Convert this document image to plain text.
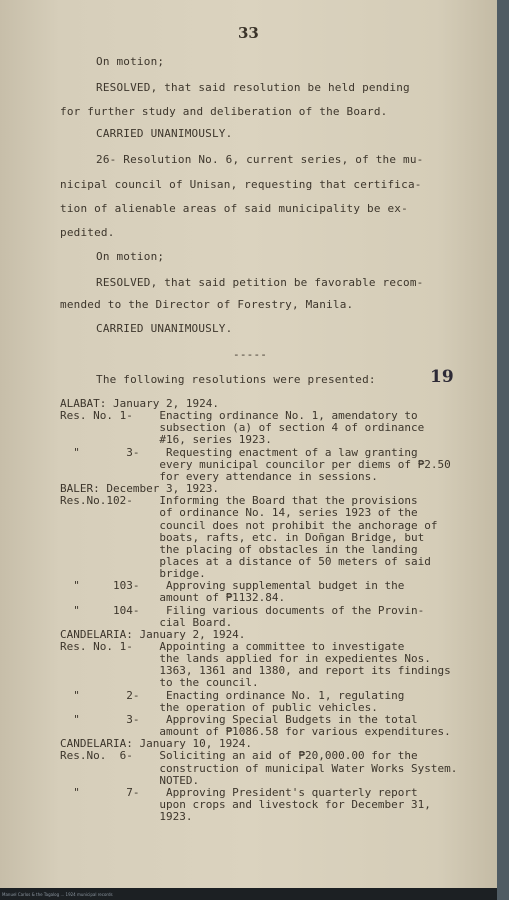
33
On motion;
RESOLVED, that said resolution be held pending
for further study and deliberation of the Board.
CARRIED UNANIMOUSLY.
26- Resolution No. 6, current series, of the mu-
nicipal council of Unisan, requesting that certifica-
tion of alienable areas of said municipality be ex-
pedited.
On motion;
RESOLVED, that said petition be favorable recom-
mended to the Director of Forestry, Manila.
CARRIED UNANIMOUSLY.
-----
The following resolutions were presented:	19
ALABAT: January 2, 1924.
Res. No. 1-    Enacting ordinance No. 1, amendatory to
subsection (a) of section 4 of ordinance
#16, series 1923.
"       3-    Requesting enactment of a law granting
every municipal councilor per diems of ₱2.50
for every attendance in sessions.
BALER: December 3, 1923.
Res.No.102-    Informing the Board that the provisions
of ordinance No. 14, series 1923 of the
council does not prohibit the anchorage of
boats, rafts, etc. in Dоñgan Bridge, but
the placing of obstacles in the landing
places at a distance of 50 meters of said
bridge.
"     103-    Approving supplemental budget in the
amount of ₱1132.84.
"     104-    Filing various documents of the Provin-
cial Board.
CANDELARIA: January 2, 1924.
Res. No. 1-    Appointing a committee to investigate
the lands applied for in expedientes Nos.
1363, 1361 and 1380, and report its findings
to the council.
"       2-    Enacting ordinance No. 1, regulating
the operation of public vehicles.
"       3-    Approving Special Budgets in the total
amount of ₱1086.58 for various expenditures.
CANDELARIA: January 10, 1924.
Res.No.  6-    Soliciting an aid of ₱20,000.00 for the
construction of municipal Water Works System.
NOTED.
"       7-    Approving President's quarterly report
upon crops and livestock for December 31,
1923.
Manuel Carlos & the Tagalog ... 1924 municipal records
